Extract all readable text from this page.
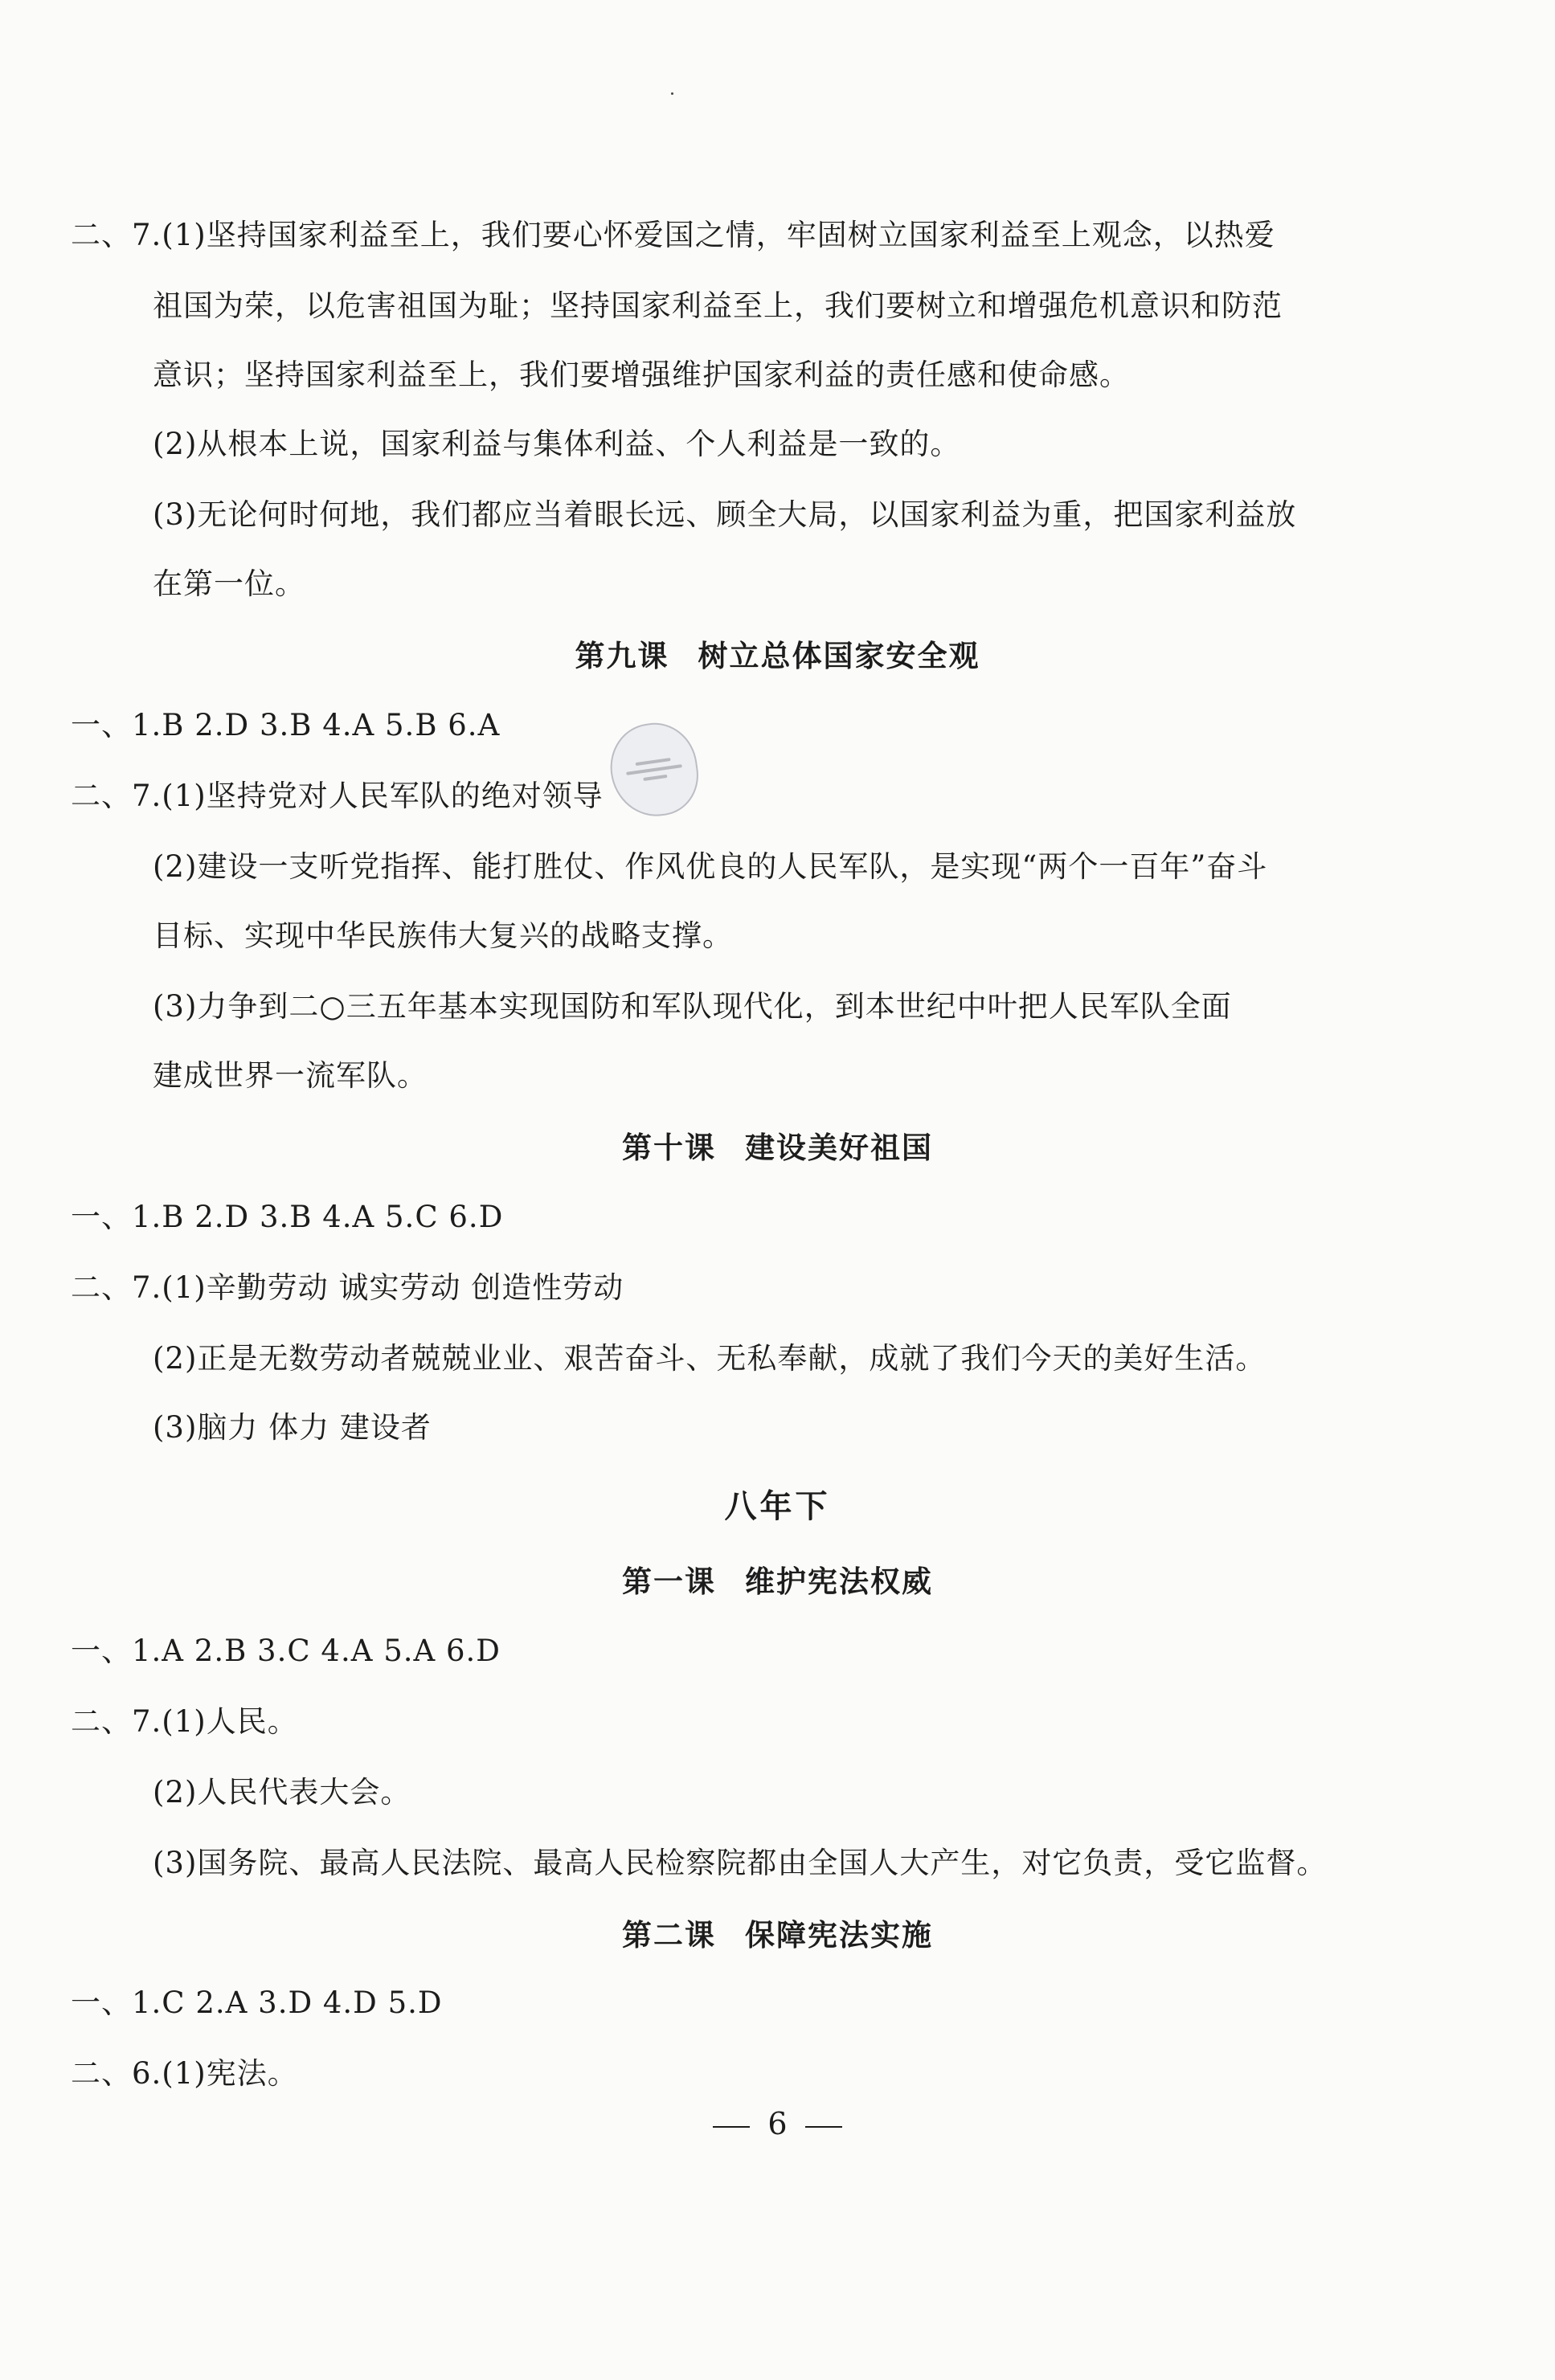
二、7.(1)坚持国家利益至上，我们要心怀爱国之情，牢固树立国家利益至上观念，以热爱

祖国为荣，以危害祖国为耻；坚持国家利益至上，我们要树立和增强危机意识和防范

意识；坚持国家利益至上，我们要增强维护国家利益的责任感和使命感。

(2)从根本上说，国家利益与集体利益、个人利益是一致的。

(3)无论何时何地，我们都应当着眼长远、顾全大局，以国家利益为重，把国家利益放

在第一位。

第九课 树立总体国家安全观

一、1.B 2.D 3.B 4.A 5.B 6.A

二、7.(1)坚持党对人民军队的绝对领导

(2)建设一支听党指挥、能打胜仗、作风优良的人民军队，是实现“两个一百年”奋斗

目标、实现中华民族伟大复兴的战略支撑。

(3)力争到二○三五年基本实现国防和军队现代化，到本世纪中叶把人民军队全面

建成世界一流军队。

第十课 建设美好祖国

一、1.B 2.D 3.B 4.A 5.C 6.D

二、7.(1)辛勤劳动 诚实劳动 创造性劳动

(2)正是无数劳动者兢兢业业、艰苦奋斗、无私奉献，成就了我们今天的美好生活。

(3)脑力 体力 建设者

八年下
第一课 维护宪法权威

一、1.A 2.B 3.C 4.A 5.A 6.D

二、7.(1)人民。

(2)人民代表大会。

(3)国务院、最高人民法院、最高人民检察院都由全国人大产生，对它负责，受它监督。

第二课 保障宪法实施

一、1.C 2.A 3.D 4.D 5.D

二、6.(1)宪法。

6
